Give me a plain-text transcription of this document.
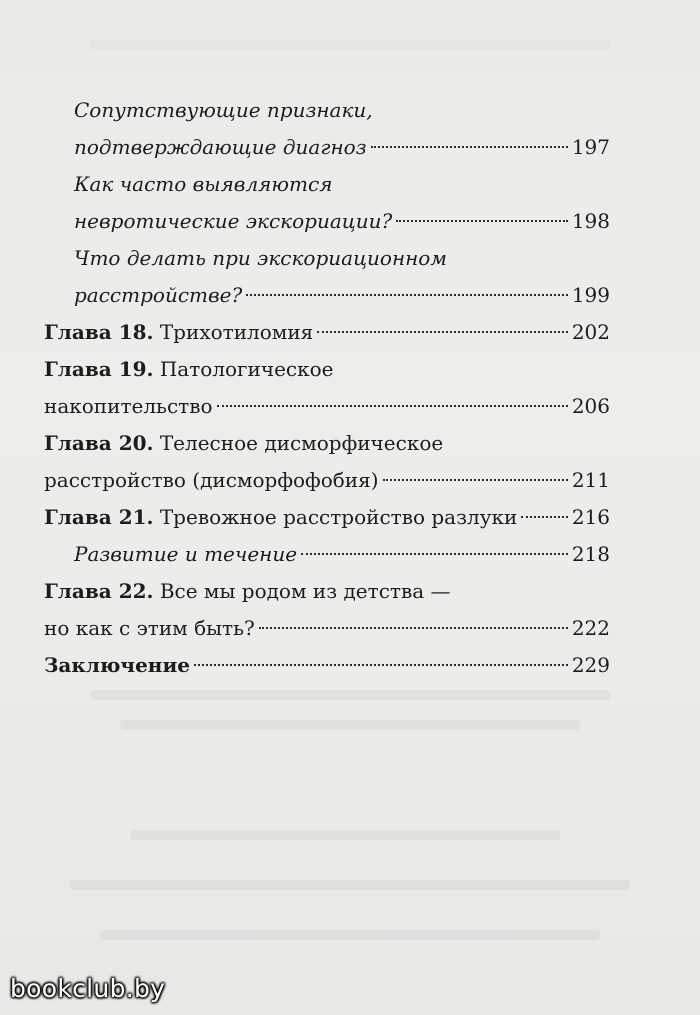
Сопутствующие признаки,
подтверждающие диагноз	197
Как часто выявляются
невротические экскориации?	198
Что делать при экскориационном
расстройстве?	199
Глава 18. Трихотиломия	202
Глава 19. Патологическое
накопительство	206
Глава 20. Телесное дисморфическое
расстройство (дисморфофобия)	211
Глава 21. Тревожное расстройство разлуки	216
Развитие и течение	218
Глава 22. Все мы родом из детства —
но как с этим быть?	222
Заключение	229
bookclub.by
